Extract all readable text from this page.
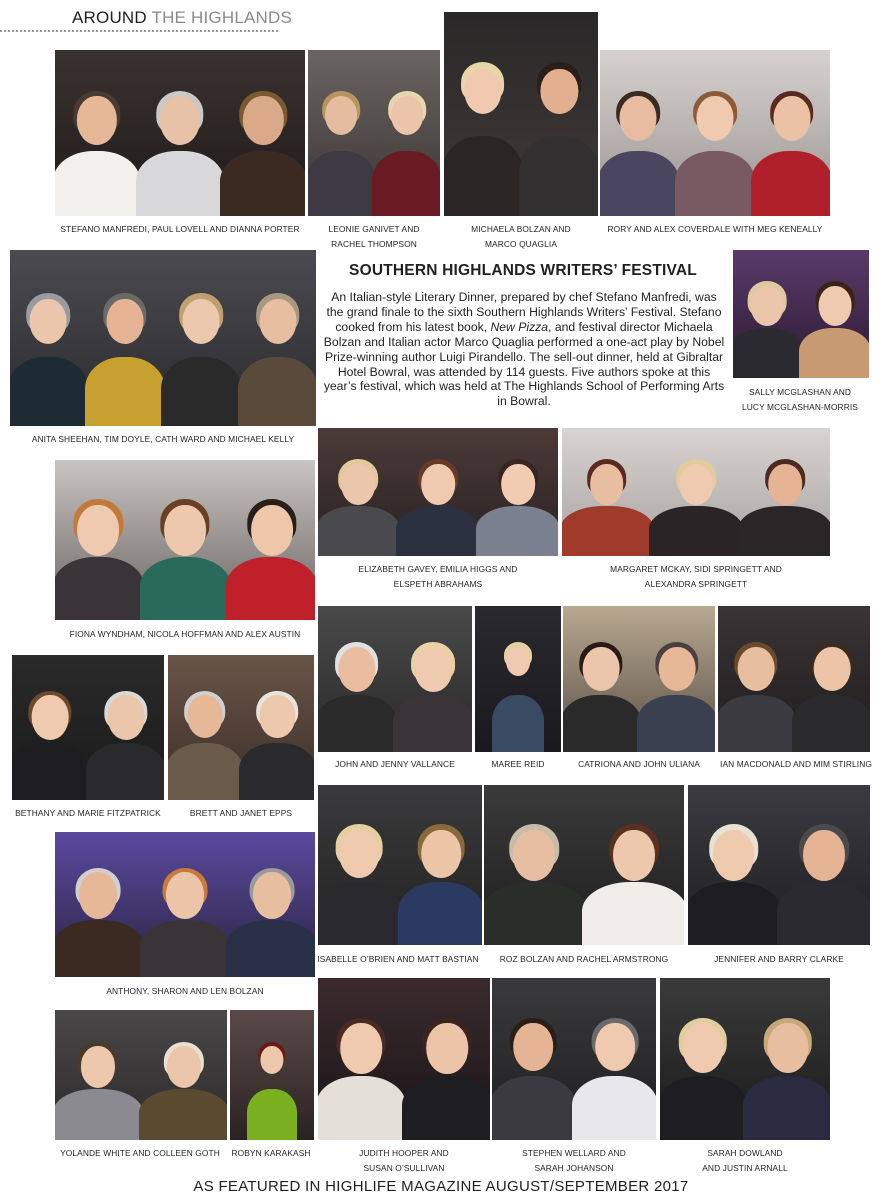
AROUND THE HIGHLANDS
STEFANO MANFREDI, PAUL LOVELL AND DIANNA PORTER	LEONIE GANIVET AND
RACHEL THOMPSON
MICHAELA BOLZAN AND
MARCO QUAGLIA
RORY AND ALEX COVERDALE WITH MEG KENEALLY
SALLY MCGLASHAN AND
LUCY MCGLASHAN-MORRIS
ANITA SHEEHAN, TIM DOYLE, CATH WARD AND MICHAEL KELLY
ELIZABETH GAVEY, EMILIA HIGGS AND
ELSPETH ABRAHAMS
MARGARET MCKAY, SIDI SPRINGETT AND
ALEXANDRA SPRINGETT
FIONA WYNDHAM, NICOLA HOFFMAN AND ALEX AUSTIN
JOHN AND JENNY VALLANCE	MAREE REID	CATRIONA AND JOHN ULIANA	IAN MACDONALD AND MIM STIRLING
BETHANY AND MARIE FITZPATRICK	BRETT AND JANET EPPS
ISABELLE O’BRIEN AND MATT BASTIAN	ROZ BOLZAN AND RACHEL ARMSTRONG	JENNIFER AND BARRY CLARKE
ANTHONY, SHARON AND LEN BOLZAN
YOLANDE WHITE AND COLLEEN GOTH	ROBYN KARAKASH	JUDITH HOOPER AND
SUSAN O’SULLIVAN
STEPHEN WELLARD AND
SARAH JOHANSON
SARAH DOWLAND
AND JUSTIN ARNALL
SOUTHERN HIGHLANDS WRITERS’ FESTIVAL
An Italian-style Literary Dinner, prepared by chef Stefano Manfredi, was the grand finale to the sixth Southern Highlands Writers’ Festival. Stefano cooked from his latest book, New Pizza, and festival director Michaela Bolzan and Italian actor Marco Quaglia performed a one-act play by Nobel Prize-winning author Luigi Pirandello. The sell-out dinner, held at Gibraltar Hotel Bowral, was attended by 114 guests. Five authors spoke at this year’s festival, which was held at The Highlands School of Performing Arts in Bowral.
AS FEATURED IN HIGHLIFE MAGAZINE AUGUST/SEPTEMBER 2017
